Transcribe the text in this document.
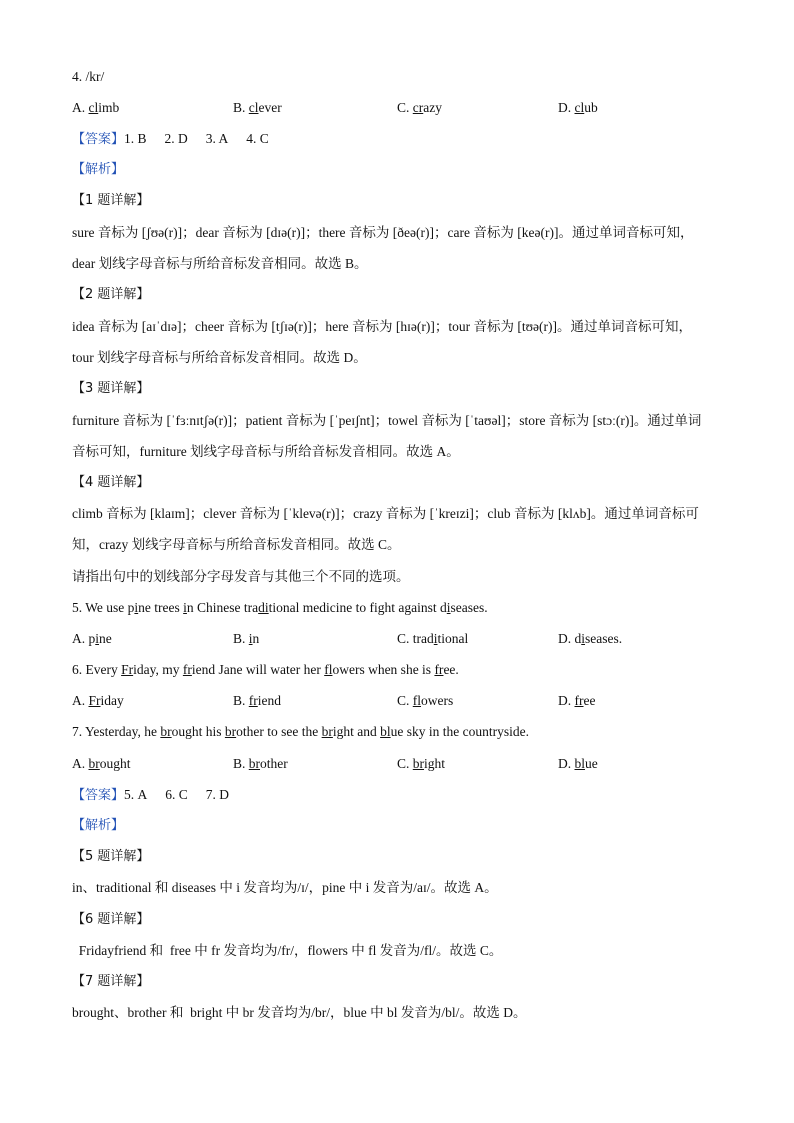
4. /kr/
A. climb	B. clever	C. crazy	D. club
【答案】1. B 2. D 3. A 4. C
【解析】
【1 题详解】
sure 音标为 [ʃʊə(r)]；dear 音标为 [dɪə(r)]；there 音标为 [ðeə(r)]；care 音标为 [keə(r)]。通过单词音标可知，
dear 划线字母音标与所给音标发音相同。故选 B。
【2 题详解】
idea 音标为 [aɪˈdɪə]；cheer 音标为 [tʃɪə(r)]；here 音标为 [hɪə(r)]；tour 音标为 [tʊə(r)]。通过单词音标可知，
tour 划线字母音标与所给音标发音相同。故选 D。
【3 题详解】
furniture 音标为 [ˈfɜːnɪtʃə(r)]；patient 音标为 [ˈpeɪʃnt]；towel 音标为 [ˈtaʊəl]；store 音标为 [stɔː(r)]。通过单词
音标可知，furniture 划线字母音标与所给音标发音相同。故选 A。
【4 题详解】
climb 音标为 [klaɪm]；clever 音标为 [ˈklevə(r)]；crazy 音标为 [ˈkreɪzi]；club 音标为 [klʌb]。通过单词音标可
知，crazy 划线字母音标与所给音标发音相同。故选 C。
请指出句中的划线部分字母发音与其他三个不同的选项。
5. We use pine trees in Chinese traditional medicine to fight against diseases.
A. pine	B. in	C. traditional	D. diseases.
6. Every Friday, my friend Jane will water her flowers when she is free.
A. Friday	B. friend	C. flowers	D. free
7. Yesterday, he brought his brother to see the bright and blue sky in the countryside.
A. brought	B. brother	C. bright	D. blue
【答案】5. A 6. C 7. D
【解析】
【5 题详解】
in、traditional 和 diseases 中 i 发音均为/ɪ/，pine 中 i 发音为/aɪ/。故选 A。
【6 题详解】
Fridayfriend 和  free 中 fr 发音均为/fr/，flowers 中 fl 发音为/fl/。故选 C。
【7 题详解】
brought、brother 和  bright 中 br 发音均为/br/，blue 中 bl 发音为/bl/。故选 D。
